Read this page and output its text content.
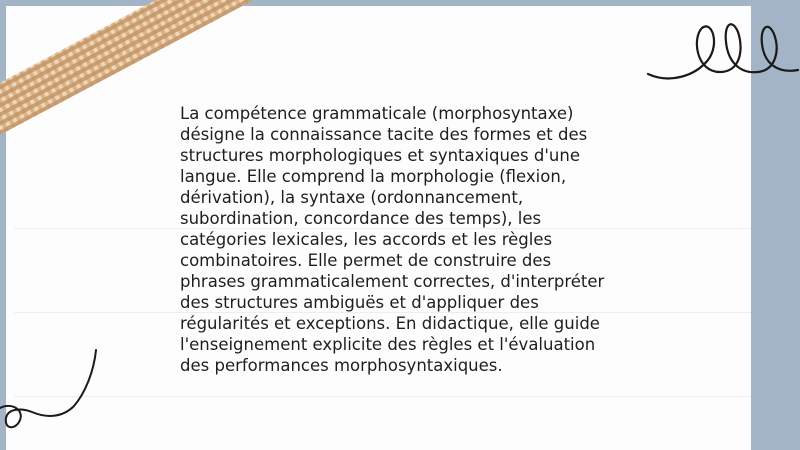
La compétence grammaticale (morphosyntaxe) désigne la connaissance tacite des formes et des structures morphologiques et syntaxiques d'une langue. Elle comprend la morphologie (flexion, dérivation), la syntaxe (ordonnancement, subordination, concordance des temps), les catégories lexicales, les accords et les règles combinatoires. Elle permet de construire des phrases grammaticalement correctes, d'interpréter des structures ambiguës et d'appliquer des régularités et exceptions. En didactique, elle guide l'enseignement explicite des règles et l'évaluation des performances morphosyntaxiques.
